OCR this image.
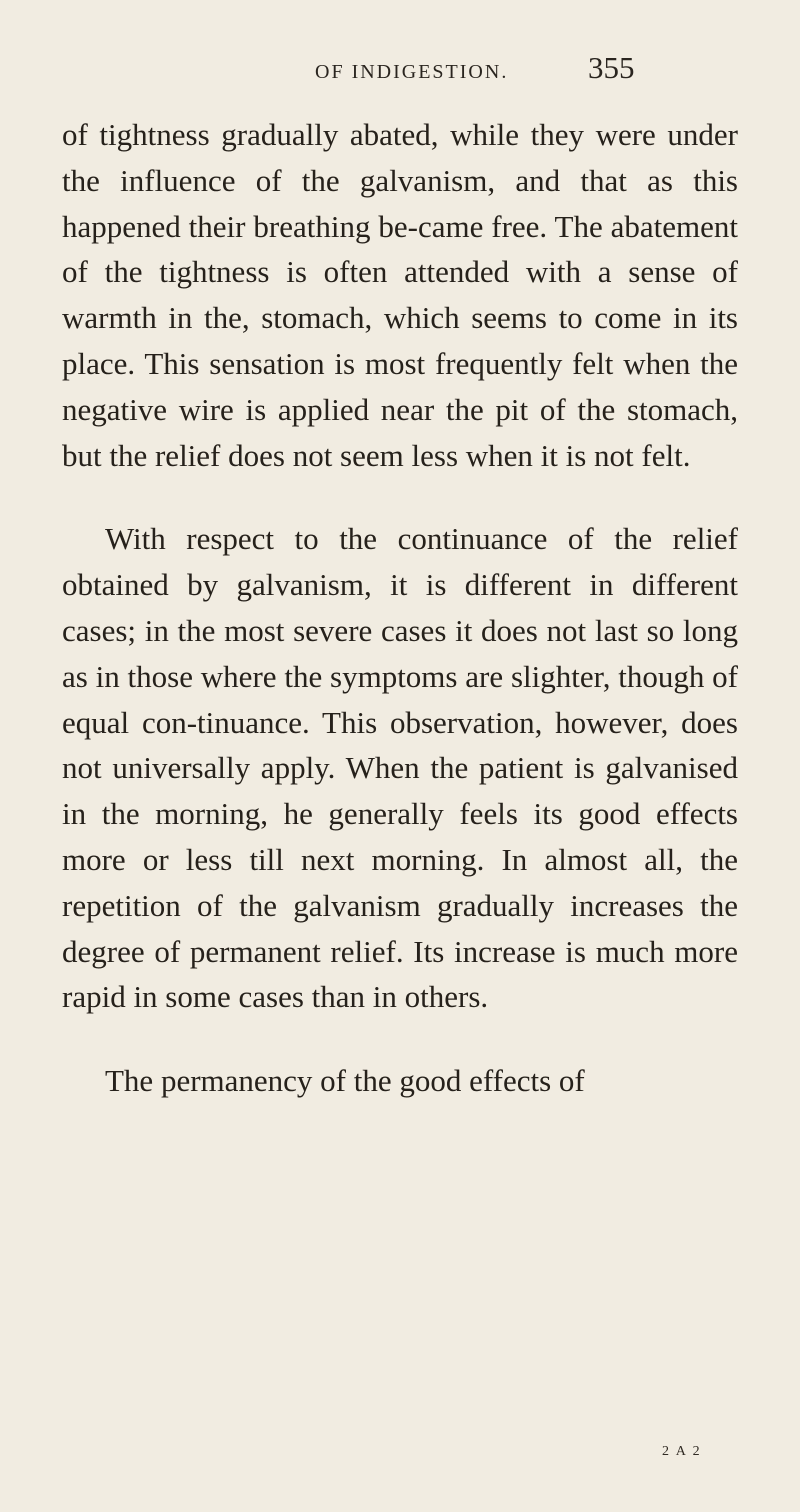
OF INDIGESTION.	355

of tightness gradually abated, while they were under the influence of the galvanism, and that as this happened their breathing be-came free. The abatement of the tightness is often attended with a sense of warmth in the, stomach, which seems to come in its place. This sensation is most frequently felt when the negative wire is applied near the pit of the stomach, but the relief does not seem less when it is not felt.

With respect to the continuance of the relief obtained by galvanism, it is different in different cases; in the most severe cases it does not last so long as in those where the symptoms are slighter, though of equal con-tinuance. This observation, however, does not universally apply. When the patient is galvanised in the morning, he generally feels its good effects more or less till next morning. In almost all, the repetition of the galvanism gradually increases the degree of permanent relief. Its increase is much more rapid in some cases than in others.

The permanency of the good effects of

2 A 2
